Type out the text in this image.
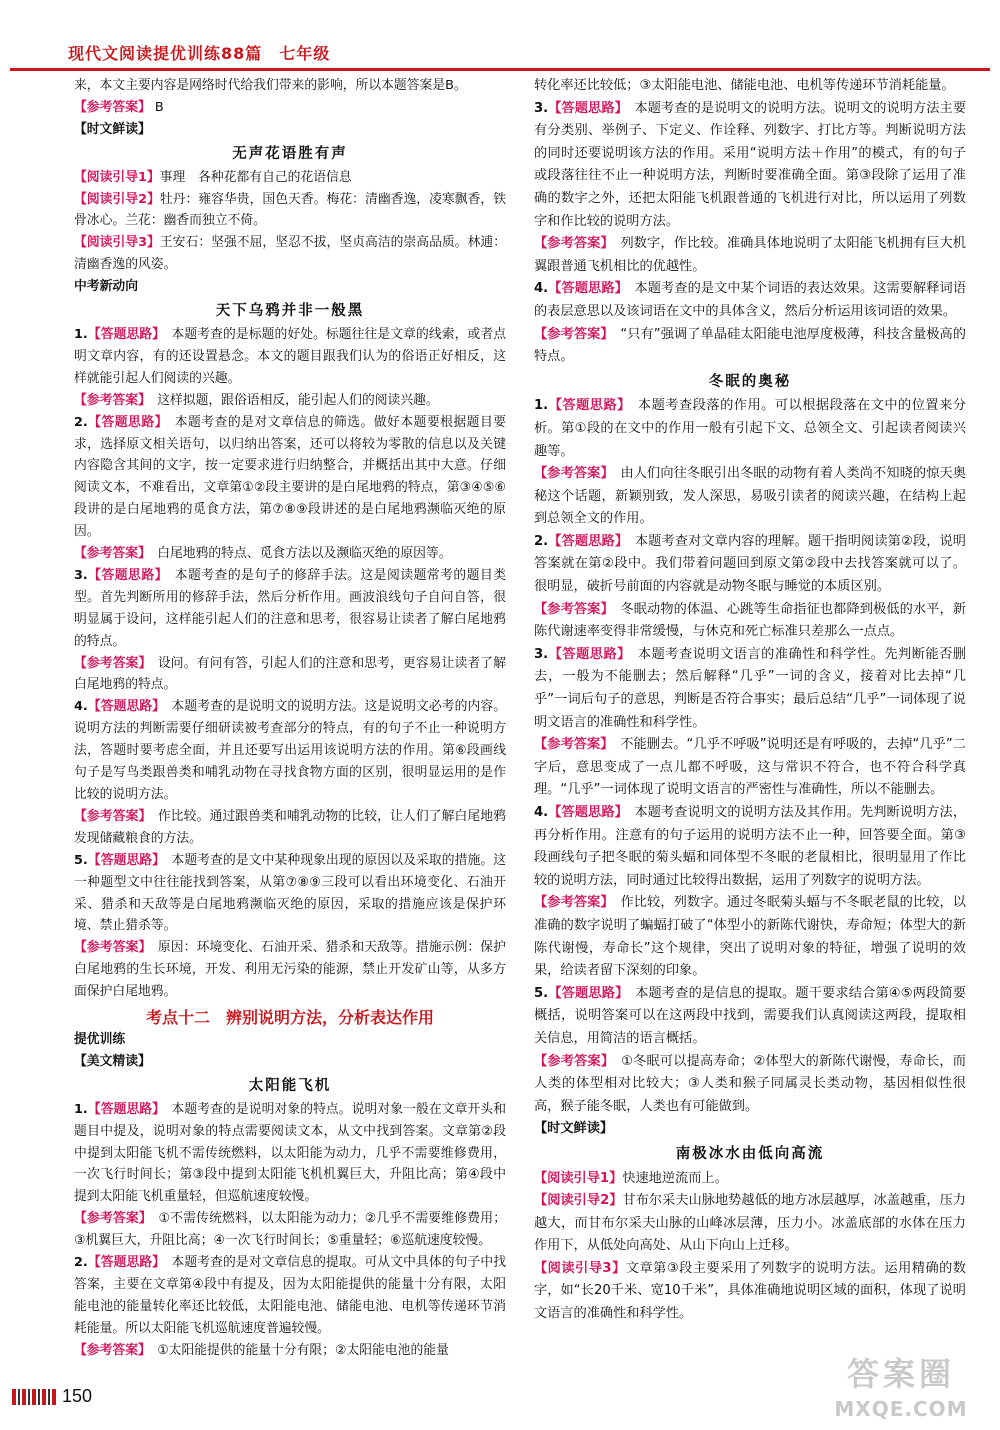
现代文阅读提优训练88篇　七年级
来，本文主要内容是网络时代给我们带来的影响，所以本题答案是B。
【参考答案】 B
【时文鲜读】
无声花语胜有声
【阅读引导1】事理　各种花都有自己的花语信息
【阅读引导2】牡丹：雍容华贵，国色天香。梅花：清幽香逸，凌寒飘香，铁骨冰心。兰花：幽香而独立不倚。
【阅读引导3】王安石：坚强不屈，坚忍不拔，坚贞高洁的崇高品质。林逋：清幽香逸的风姿。
中考新动向
天下乌鸦并非一般黑
1.【答题思路】　本题考查的是标题的好处。标题往往是文章的线索，或者点明文章内容，有的还设置悬念。本文的题目跟我们认为的俗语正好相反，这样就能引起人们阅读的兴趣。
【参考答案】　这样拟题，跟俗语相反，能引起人们的阅读兴趣。
2.【答题思路】　本题考查的是对文章信息的筛选。做好本题要根据题目要求，选择原文相关语句，以归纳出答案，还可以将较为零散的信息以及关键内容隐含其间的文字，按一定要求进行归纳整合，并概括出其中大意。仔细阅读文本，不难看出，文章第①②段主要讲的是白尾地鸦的特点，第③④⑤⑥段讲的是白尾地鸦的觅食方法，第⑦⑧⑨段讲述的是白尾地鸦濒临灭绝的原因。
【参考答案】　白尾地鸦的特点、觅食方法以及濒临灭绝的原因等。
3.【答题思路】　本题考查的是句子的修辞手法。这是阅读题常考的题目类型。首先判断所用的修辞手法，然后分析作用。画波浪线句子自问自答，很明显属于设问，这样能引起人们的注意和思考，很容易让读者了解白尾地鸦的特点。
【参考答案】　设问。有问有答，引起人们的注意和思考，更容易让读者了解白尾地鸦的特点。
4.【答题思路】　本题考查的是说明文的说明方法。这是说明文必考的内容。说明方法的判断需要仔细研读被考查部分的特点，有的句子不止一种说明方法，答题时要考虑全面，并且还要写出运用该说明方法的作用。第⑥段画线句子是写鸟类跟兽类和哺乳动物在寻找食物方面的区别，很明显运用的是作比较的说明方法。
【参考答案】　作比较。通过跟兽类和哺乳动物的比较，让人们了解白尾地鸦发现储藏粮食的方法。
5.【答题思路】　本题考查的是文中某种现象出现的原因以及采取的措施。这一种题型文中往往能找到答案，从第⑦⑧⑨三段可以看出环境变化、石油开采、猎杀和天敌等是白尾地鸦濒临灭绝的原因，采取的措施应该是保护环境、禁止猎杀等。
【参考答案】　原因：环境变化、石油开采、猎杀和天敌等。措施示例：保护白尾地鸦的生长环境，开发、利用无污染的能源，禁止开发矿山等，从多方面保护白尾地鸦。
考点十二　辨别说明方法，分析表达作用
提优训练
【美文精读】
太阳能飞机
1.【答题思路】　本题考查的是说明对象的特点。说明对象一般在文章开头和题目中提及，说明对象的特点需要阅读文本，从文中找到答案。文章第②段中提到太阳能飞机不需传统燃料，以太阳能为动力，几乎不需要维修费用，一次飞行时间长；第③段中提到太阳能飞机机翼巨大，升阻比高；第④段中提到太阳能飞机重量轻，但巡航速度较慢。
【参考答案】　①不需传统燃料，以太阳能为动力；②几乎不需要维修费用；③机翼巨大，升阻比高；④一次飞行时间长；⑤重量轻；⑥巡航速度较慢。
2.【答题思路】　本题考查的是对文章信息的提取。可从文中具体的句子中找答案，主要在文章第④段中有提及，因为太阳能提供的能量十分有限，太阳能电池的能量转化率还比较低，太阳能电池、储能电池、电机等传递环节消耗能量。所以太阳能飞机巡航速度普遍较慢。
【参考答案】　①太阳能提供的能量十分有限；②太阳能电池的能量
转化率还比较低；③太阳能电池、储能电池、电机等传递环节消耗能量。
3.【答题思路】　本题考查的是说明文的说明方法。说明文的说明方法主要有分类别、举例子、下定义、作诠释、列数字、打比方等。判断说明方法的同时还要说明该方法的作用。采用“说明方法＋作用”的模式，有的句子或段落往往不止一种说明方法，判断时要准确全面。第③段除了运用了准确的数字之外，还把太阳能飞机跟普通的飞机进行对比，所以运用了列数字和作比较的说明方法。
【参考答案】　列数字，作比较。准确具体地说明了太阳能飞机拥有巨大机翼跟普通飞机相比的优越性。
4.【答题思路】　本题考查的是文中某个词语的表达效果。这需要解释词语的表层意思以及该词语在文中的具体含义，然后分析运用该词语的效果。
【参考答案】　“只有”强调了单晶硅太阳能电池厚度极薄，科技含量极高的特点。
冬眠的奥秘
1.【答题思路】　本题考查段落的作用。可以根据段落在文中的位置来分析。第①段的在文中的作用一般有引起下文、总领全文、引起读者阅读兴趣等。
【参考答案】　由人们向往冬眠引出冬眠的动物有着人类尚不知晓的惊天奥秘这个话题，新颖别致，发人深思，易吸引读者的阅读兴趣，在结构上起到总领全文的作用。
2.【答题思路】　本题考查对文章内容的理解。题干指明阅读第②段，说明答案就在第②段中。我们带着问题回到原文第②段中去找答案就可以了。很明显，破折号前面的内容就是动物冬眠与睡觉的本质区别。
【参考答案】　冬眠动物的体温、心跳等生命指征也都降到极低的水平，新陈代谢速率变得非常缓慢，与休克和死亡标准只差那么一点点。
3.【答题思路】　本题考查说明文语言的准确性和科学性。先判断能否删去，一般为不能删去；然后解释“几乎”一词的含义，接着对比去掉“几乎”一词后句子的意思，判断是否符合事实；最后总结“几乎”一词体现了说明文语言的准确性和科学性。
【参考答案】　不能删去。“几乎不呼吸”说明还是有呼吸的，去掉“几乎”二字后，意思变成了一点儿都不呼吸，这与常识不符合，也不符合科学真理。“几乎”一词体现了说明文语言的严密性与准确性，所以不能删去。
4.【答题思路】　本题考查说明文的说明方法及其作用。先判断说明方法，再分析作用。注意有的句子运用的说明方法不止一种，回答要全面。第③段画线句子把冬眠的菊头蝠和同体型不冬眠的老鼠相比，很明显用了作比较的说明方法，同时通过比较得出数据，运用了列数字的说明方法。
【参考答案】　作比较，列数字。通过冬眠菊头蝠与不冬眠老鼠的比较，以准确的数字说明了蝙蝠打破了“体型小的新陈代谢快，寿命短；体型大的新陈代谢慢，寿命长”这个规律，突出了说明对象的特征，增强了说明的效果，给读者留下深刻的印象。
5.【答题思路】　本题考查的是信息的提取。题干要求结合第④⑤两段简要概括，说明答案可以在这两段中找到，需要我们认真阅读这两段，提取相关信息，用简洁的语言概括。
【参考答案】　①冬眠可以提高寿命；②体型大的新陈代谢慢，寿命长，而人类的体型相对比较大；③人类和猴子同属灵长类动物，基因相似性很高，猴子能冬眠，人类也有可能做到。
【时文鲜读】
南极冰水由低向高流
【阅读引导1】快速地逆流而上。
【阅读引导2】甘布尔采夫山脉地势越低的地方冰层越厚，冰盖越重，压力越大，而甘布尔采夫山脉的山峰冰层薄，压力小。冰盖底部的水体在压力作用下，从低处向高处、从山下向山上迁移。
【阅读引导3】文章第③段主要采用了列数字的说明方法。运用精确的数字，如“长20千米、宽10千米”，具体准确地说明区域的面积，体现了说明文语言的准确性和科学性。
150
答案圈
MXQE.COM
